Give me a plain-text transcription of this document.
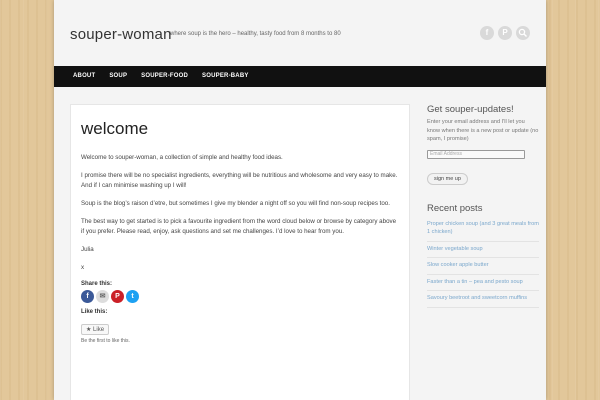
souper-woman
where soup is the hero – healthy, tasty food from 8 months to 80	f	P
ABOUT	SOUP	SOUPER-FOOD	SOUPER-BABY
welcome

Welcome to souper-woman, a collection of simple and healthy food ideas.

I promise there will be no specialist ingredients, everything will be nutritious and wholesome and very easy to make. And if I can minimise washing up I will!

Soup is the blog’s raison d’etre, but sometimes I give my blender a night off so you will find non-soup recipes too.

The best way to get started is to pick a favourite ingredient from the word cloud below or browse by category above if you prefer. Please read, enjoy, ask questions and set me challenges. I’d love to hear from you.

Julia

x

Share this:
f	✉	P	t
Like this:
★ Like
Be the first to like this.
Get souper-updates!
Enter your email address and I'll let you know when there is a new post or update (no spam, I promise)
Email Address
sign me up
Recent posts
Proper chicken soup (and 3 great meals from 1 chicken)
Winter vegetable soup
Slow cooker apple butter
Faster than a tin – pea and pesto soup
Savoury beetroot and sweetcorn muffins
